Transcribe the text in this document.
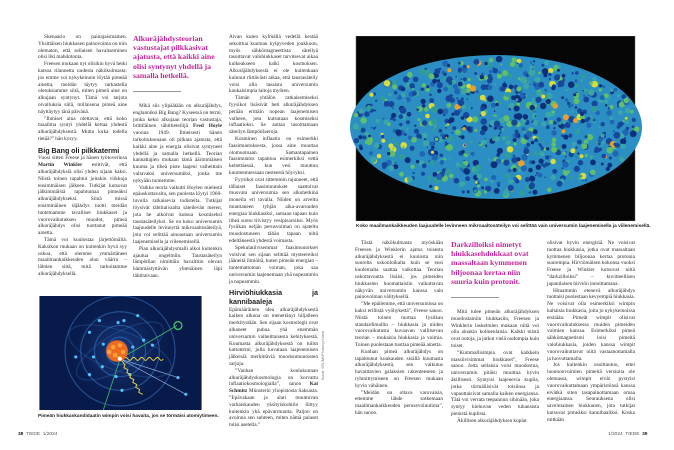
Skenaario on painajaismainen. Yksittäisen hiukkasen painovoima on niin olematon, että sellaisen havaitseminen olisi liki mahdotonta.

Freesen mukaan nyt olisikin hyvä hetki katsoa tilannetta uudesta näkökulmasta: jos emme voi nykykeinoin löytää pimeää ainetta, meidän täytyy tarkastella oletuksiamme siitä, miten pimeä aine on alkujaan syntynyt. Tämä voi tarjota oivalluksia siitä, millaisena pimeä aine näyttäytyy tänä päivänä.

”Ihmiset aina olettavat, että koko maailma syntyi yhdellä kertaa yhdestä alkuräjähdyksestä. Mutta kuka todella tietää?” hän kysyy.

Big Bang oli pilkkatermi

Vuosi sitten Freese ja hänen työtoverinsa Martin Winkler esittivät, että alkuräjähdyksiä olisi yhden sijaan kaksi. Niistä toinen tapahtui joitakin viikkoja ensimmäisen jälkeen. Tutkijat kutsuvat jälkimmäistä tapahtumaa pimeäksi alkuräjähdykseksi. Siinä missä ensimmäinen räjähdys tuotti meidän tuntemamme tavalliset hiukkaset ja vuorovaikutuksen muodot, pimeä alkuräjähdys olisi tuottanut pimeää ainetta.

Tämä voi kuulostaa järjettömältä. Kaksikon mukaan on kuitenkin hyvä syy uskoa, että olemme ymmärtäneet maailmankaikkeuden alun väärin – lähtien siitä, mitä tarkoitamme alkuräjähdyksellä.

Alkuräjähdysteorian vastustajat pilkkasivat ajatusta, että kaikki aine olisi syntynyt yhdellä ja samalla hetkellä.

Mikä siis ylipäätään on alkuräjähdys, englanniksi Big Bang? Kyseessä on termi, jonka keksi alkujaan teorian vastustaja, brittiläinen tähtitieteilijä Fred Hoyle vuonna 1949. Ilmeisesti hänen tarkoituksenaan oli pilkata ajatusta, että kaikki aine ja energia olisivat syntyneet yhdellä ja samalla hetkellä. Teorian kannattajien mukaan tämä äärimmäisen kuuma ja tiheä piste laajeni vaiheittain valtavaksi universumiksi, jonka me nykyään tunnemme.

Vaikka teoria vaikutti Hoylen mielestä epäuskottavalta, sen puolesta löytyi 1960-luvulla ratkaisevia todisteita. Tutkijat löysivät tähtitaivaalta säteilevän meren, jota he alkoivat kutsua kosmiseksi taustasäteilyksi. Se on koko universumin laajuudelle levinnyttä mikroaaltosäteilyä, jota voi selittää ainoastaan universumin laajenemisella ja viilenemisellä.

Pian alkuräjähdysmalli alkoi kuitenkin ajautua ongelmiin. Taustasäteilyn lämpötilan nimittäin havaittiin olevan hämmästyttävän yhtenäinen läpi tähtitaivaan.

Aivan kuten kylmällä vedellä kestää sekoittua kuuman kylpyveden joukkoon, myös sähkömagneettista säteilyä tasoittavat valohiukkaset tarvitsevat aikaa kulkeakseen halki kosmoksen. Alkuräjähdyksestä ei ole kuitenkaan kulunut riittävästi aikaa, että taustasäteily voisi olla tasaista universumin kaukaisimpia laitoja myöten.

Tämän yhtälön ratkaisemiseksi fyysikot lisäsivät heti alkuräjähdyksen perään erittäin nopean laajenemisen vaiheen, jota kutsutaan kosmiseksi inflaatioksi. Se auttaa tasoittamaan säteilyn lämpötilaeroja.

Kosminen inflaatio on esimerkki faasimuutoksesta, jossa aine muuttaa olomuotoaan. Samantapainen faasimuutos tapahtuu esimerkiksi vettä keitettäessä, kun vesi muuttuu kuumentuessaan nesteestä höyryksi.

Fyysikot ovat sittemmin tajunneet, että tällaiset faasimuutokset saattoivat muovata universumia sen alkuhetkinä monella eri tavalla. Niiden on arveltu muuttaneen tyhjän aika-avaruuden energiaa hiukkasiksi, samaan tapaan kuin tiheä sumu tiivistyy vesipisaroiksi. Myös fysiikan neljän perusvoiman on ajateltu muodostuneen tähän tapaan niitä edeltäneestä yhdestä voimasta.

Spekulatiivisemmat faasimuutokset voisivat sen sijaan selittää mysteereiksi jääneitä ilmiöitä, kuten pimeän energian – tuntemattoman voiman, joka saa universumin laajenemaan yhä nopeammin ja nopeammin.

Hirviöhiukkasia ja kannibaaleja

Epämääräinen idea alkuräjähdyksestä kaiken alkuna on menettänyt hiljalleen merkitystään. Sen sijaan kosmologit ovat alkaneet puhua yhä enemmän universumin vaiheittaisesta kehityksestä. Kuumasta alkuräjähdyksestä on tullut kattotermi, jolla kuvataan laajenemisen jälkeisiä merkittäviä muodonmuutosten sarjoja.

”Vanhan koulukunnan alkuräjähdyskosmologia on korvattu inflaatiokosmologialla”, sanoo Kai Schmitz Münsterin yliopistosta Saksasta. ”Epävakaan ja alati muuttuvan varhaiskauden yksityiskohtiin liittyy kuitenkin yhä epävarmuutta. Paljon on avoinna sen suhteen, miten nämä palaset tulisi asetella.”

Pimeän hiukkaskandidaatin wimpin voisi havaita, jos se törmäisi atomiytimeen.
Kuvat: SPL/MVPhotos ja Nasa
38 TIEDE 1/2024
Koko maailmankaikkeuden laajuudelle levinneen mikroaaltosäteilyn voi selittää vain universumin laajenemisella ja viilenemisellä.

Tästä näkökulmasta myöskään Freesen ja Winklerin ajatus toisesta alkuräjähdyksestä ei kuulosta niin suurelta uskonloikalta kuin se ensi kuulemalta saattaa vaikuttaa. Teorian uskottavuutta lisäisi, jos pimeiden hiukkasten huomattaisiin vaikuttavan näkyvän universumin kanssa vain painovoiman välityksellä.

”Me epäilemme, että universumissa on kaksi erillistä vyöhykettä”, Freese sanoo. Niistä toinen tuottaa fysiikan standardimallin – hiukkasia ja niiden vuorovaikutusta kuvaavan vallitsevan teorian – mukaisia hiukkasia ja voimia. Toinen puolestaan tuottaa pimeää ainetta.

Kunhan pimeä alkuräjähdys on tapahtunut kuukauden sisällä kuumasta alkuräjähdyksestä, sen vaikutus havaittavien galaksien rakenteeseen ja ryhmittymiseen on Freesen mukaan hyvin vähäinen.

”Meidän on oltava varovaisia, ettemme lähde sotkemaan maailmankaikkeuden perusevoluutiota”, hän sanoo.

Darkzilloiksi nimetyt hiukkasehdokkaat ovat massaltaan kymmenen biljoonaa kertaa niin suuria kuin protonit.

Mitä tulee pimeän alkuräjähdyksen muodostamiin hiukkasiin, Freesen ja Winklerin laskelmien mukaan niitä voi olla ainakin kolmenlaisia. Kaikki niistä ovat outoja, ja jotkut vielä oudompia kuin toiset.

”Kummallisimpia ovat kaikkein massiivisimmat hiukkaset”, Freese sanoo. Jotta sellaisia voisi muodostua, universumin pitäisi muuttua hyvin äkillisesti. Syntyisi laajenevia kuplia, jotka törmäilisivät toisiinsa ja vapauttaisivat samalla kaiken energiansa. Tätä voi verrata teepannun sihinään, joka syntyy kiehuvan veden tuhansista pienistä kuplista.

Äkillisen alkuräjähdyksen kuplat

olisivat hyvin energisiä. Ne voisivat tuottaa hiukkasia, jotka ovat massaltaan kymmenen biljoonaa kertaa protonia suurempia. Hirviömäisen kokonsa vuoksi Freese ja Winkler kutsuvat niitä ”darkzilloiksi” – kuvitteellisen japanilaisen hirviön innoittamana.

Hitaammin etenevä alkuräjähdys tuottaisi puolestaan kevyempiä hiukkasia. Ne voisivat olla esimerkiksi wimpin kaltaisia hiukkasia, joita jo nykykeinoissa etsitään. Pimeät wimpit olisivat vuorovaikutuksessa muiden pimeiden voimien kanssa. Esimerkiksi pimeä sähkömagnetismi loisi pimeitä valohiukkasia, joiden kanssa wimpit vuorovaikuttavat niitä vastaanottamalla ja luovuttamalla.

Jos kuitenkin osoittautuu, ettei luonnonvoimien pimeitä versioita ole olemassa, wimpit eivät pystyisi vuorovaikuttamaan ympäristönsä kanssa eivätkä siten tasapainottamaan omaa energiaansa. Seurauksena olisi saveimainen hiukkanen, jota tutkijat kutsuvat pimeäksi kannibaaliksi. Koska mitkään

1/2024 TIEDE 39
